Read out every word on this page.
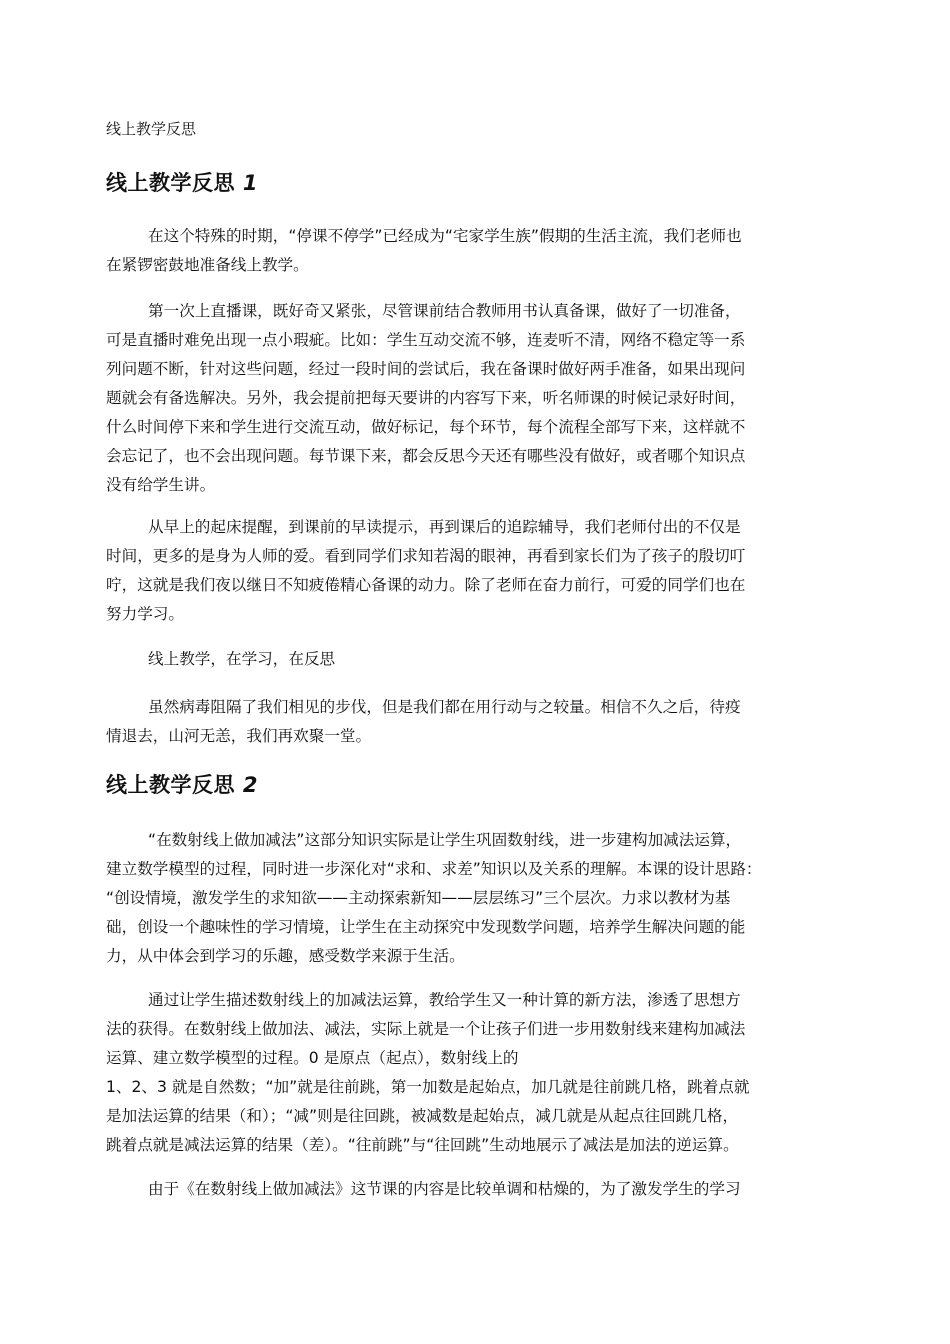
线上教学反思
线上教学反思 1
在这个特殊的时期，“停课不停学”已经成为“宅家学生族”假期的生活主流，我们老师也
在紧锣密鼓地准备线上教学。
第一次上直播课，既好奇又紧张，尽管课前结合教师用书认真备课，做好了一切准备，
可是直播时难免出现一点小瑕疵。比如：学生互动交流不够，连麦听不清，网络不稳定等一系
列问题不断，针对这些问题，经过一段时间的尝试后，我在备课时做好两手准备，如果出现问
题就会有备选解决。另外，我会提前把每天要讲的内容写下来，听名师课的时候记录好时间，
什么时间停下来和学生进行交流互动，做好标记，每个环节，每个流程全部写下来，这样就不
会忘记了，也不会出现问题。每节课下来，都会反思今天还有哪些没有做好，或者哪个知识点
没有给学生讲。
从早上的起床提醒，到课前的早读提示，再到课后的追踪辅导，我们老师付出的不仅是
时间，更多的是身为人师的爱。看到同学们求知若渴的眼神，再看到家长们为了孩子的殷切叮
咛，这就是我们夜以继日不知疲倦精心备课的动力。除了老师在奋力前行，可爱的同学们也在
努力学习。
线上教学，在学习，在反思
虽然病毒阻隔了我们相见的步伐，但是我们都在用行动与之较量。相信不久之后，待疫
情退去，山河无恙，我们再欢聚一堂。
线上教学反思 2
“在数射线上做加减法”这部分知识实际是让学生巩固数射线，进一步建构加减法运算，
建立数学模型的过程，同时进一步深化对“求和、求差”知识以及关系的理解。本课的设计思路：
“创设情境，激发学生的求知欲——主动探索新知——层层练习”三个层次。力求以教材为基
础，创设一个趣味性的学习情境，让学生在主动探究中发现数学问题，培养学生解决问题的能
力，从中体会到学习的乐趣，感受数学来源于生活。
通过让学生描述数射线上的加减法运算，教给学生又一种计算的新方法，渗透了思想方
法的获得。在数射线上做加法、减法，实际上就是一个让孩子们进一步用数射线来建构加减法
运算、建立数学模型的过程。0 是原点（起点），数射线上的
1、2、3 就是自然数；“加”就是往前跳，第一加数是起始点，加几就是往前跳几格，跳着点就
是加法运算的结果（和）；“减”则是往回跳，被减数是起始点，减几就是从起点往回跳几格，
跳着点就是减法运算的结果（差）。“往前跳”与“往回跳”生动地展示了减法是加法的逆运算。
由于《在数射线上做加减法》这节课的内容是比较单调和枯燥的，为了激发学生的学习
